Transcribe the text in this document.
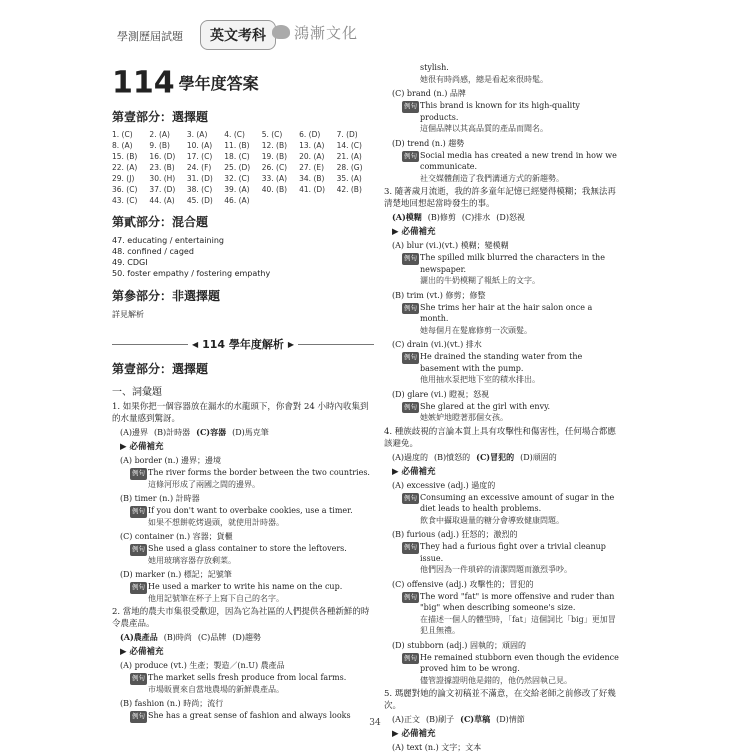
學測歷屆試題	英文考科	鴻漸文化
114 學年度答案
第壹部分：選擇題
1. (C)	2. (A)	3. (A)	4. (C)	5. (C)	6. (D)	7. (D)
8. (A)	9. (B)	10. (A)	11. (B)	12. (B)	13. (A)	14. (C)
15. (B)	16. (D)	17. (C)	18. (C)	19. (B)	20. (A)	21. (A)
22. (A)	23. (B)	24. (F)	25. (D)	26. (C)	27. (E)	28. (G)
29. (J)	30. (H)	31. (D)	32. (C)	33. (A)	34. (B)	35. (A)
36. (C)	37. (D)	38. (C)	39. (A)	40. (B)	41. (D)	42. (B)
43. (C)	44. (A)	45. (D)	46. (A)
第貳部分：混合題
47. educating / entertaining
48. confined / caged
49. CDGI
50. foster empathy / fostering empathy
第參部分：非選擇題
詳見解析
◀ 114 學年度解析 ▶
第壹部分：選擇題
一、詞彙題
1. 如果你把一個容器放在漏水的水龍頭下，你會對 24 小時內收集到的水量感到驚訝。
(A)邊界 (B)計時器 (C)容器 (D)馬克筆
▶ 必備補充
(A) border (n.) 邊界；邊境
例句 The river forms the border between the two countries.
這條河形成了兩國之間的邊界。
(B) timer (n.) 計時器
例句 If you don't want to overbake cookies, use a timer.
如果不想餅乾烤過頭，就使用計時器。
(C) container (n.) 容器；貨櫃
例句 She used a glass container to store the leftovers.
她用玻璃容器存放剩菜。
(D) marker (n.) 標記；記號筆
例句 He used a marker to write his name on the cup.
他用記號筆在杯子上寫下自己的名字。
2. 當地的農夫市集很受歡迎，因為它為社區的人們提供各種新鮮的時令農產品。
(A)農產品 (B)時尚 (C)品牌 (D)趨勢
▶ 必備補充
(A) produce (vt.) 生產；製造／(n.U) 農產品
例句 The market sells fresh produce from local farms.
市場販賣來自當地農場的新鮮農產品。
(B) fashion (n.) 時尚；流行
例句 She has a great sense of fashion and always looks
stylish.
她很有時尚感，總是看起來很時髦。
(C) brand (n.) 品牌
例句 This brand is known for its high-quality products.
這個品牌以其高品質的產品而聞名。
(D) trend (n.) 趨勢
例句 Social media has created a new trend in how we communicate.
社交媒體創造了我們溝通方式的新趨勢。
3. 隨著歲月流逝，我的許多童年記憶已經變得模糊；我無法再清楚地回想起當時發生的事。
(A)模糊 (B)修剪 (C)排水 (D)怒視
▶ 必備補充
(A) blur (vi.)(vt.) 模糊；變模糊
例句 The spilled milk blurred the characters in the newspaper.
灑出的牛奶模糊了報紙上的文字。
(B) trim (vt.) 修剪；修整
例句 She trims her hair at the hair salon once a month.
她每個月在髮廊修剪一次頭髮。
(C) drain (vi.)(vt.) 排水
例句 He drained the standing water from the basement with the pump.
他用抽水泵把地下室的積水排出。
(D) glare (vi.) 瞪視；怒視
例句 She glared at the girl with envy.
她嫉妒地瞪著那個女孩。
4. 種族歧視的言論本質上具有攻擊性和傷害性，任何場合都應該避免。
(A)過度的 (B)憤怒的 (C)冒犯的 (D)頑固的
▶ 必備補充
(A) excessive (adj.) 過度的
例句 Consuming an excessive amount of sugar in the diet leads to health problems.
飲食中攝取過量的糖分會導致健康問題。
(B) furious (adj.) 狂怒的；激烈的
例句 They had a furious fight over a trivial cleanup issue.
他們因為一件瑣碎的清潔問題而激烈爭吵。
(C) offensive (adj.) 攻擊性的；冒犯的
例句 The word "fat" is more offensive and ruder than "big" when describing someone's size.
在描述一個人的體型時，「fat」這個詞比「big」更加冒犯且無禮。
(D) stubborn (adj.) 固執的；頑固的
例句 He remained stubborn even though the evidence proved him to be wrong.
儘管證據證明他是錯的，他仍然固執己見。
5. 瑪麗對她的論文初稿並不滿意，在交給老師之前修改了好幾次。
(A)正文 (B)刷子 (C)草稿 (D)情節
▶ 必備補充
(A) text (n.) 文字；文本
34
